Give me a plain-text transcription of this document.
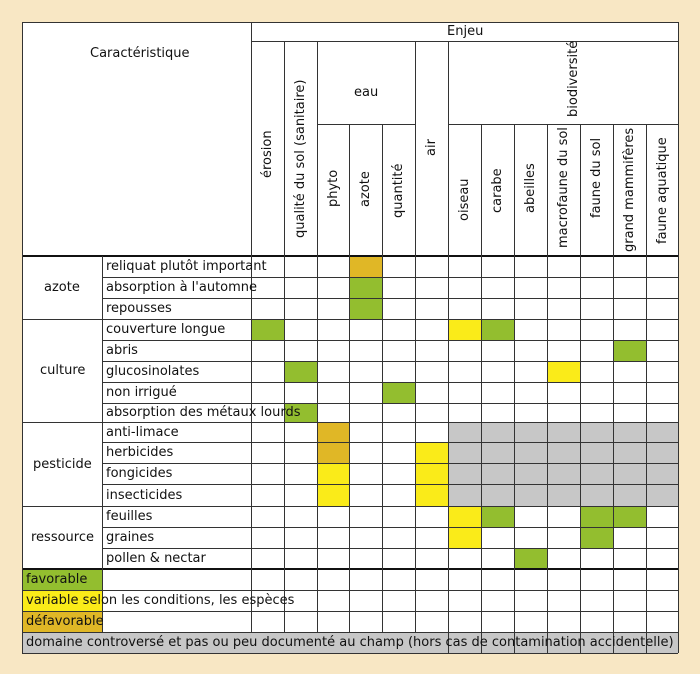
Enjeu
Caractéristique
eau	biodiversité
érosion qualité du sol (sanitaire) phyto azote quantité
air
oiseau carabe abeilles macrofaune du sol faune du sol grand mammifères faune aquatique
azote
reliquat plutôt important
absorption à l'automne
repousses
culture
couverture longue
abris
glucosinolates
non irrigué
absorption des métaux lourds
pesticide
anti-limace
herbicides
fongicides
insecticides
ressource
feuilles
graines
pollen & nectar
favorable
variable selon les conditions, les espèces
défavorable
domaine controversé et pas ou peu documenté au champ (hors cas de contamination accidentelle)
